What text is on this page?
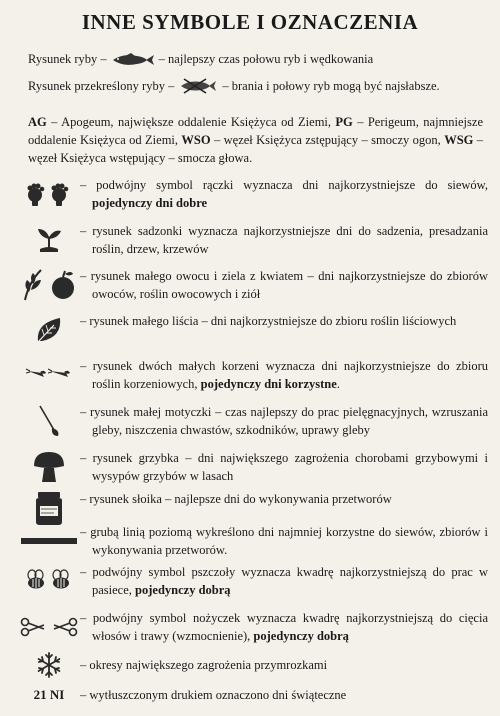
INNE SYMBOLE I OZNACZENIA
Rysunek ryby –	– najlepszy czas połowu ryb i wędkowania
Rysunek przekreślony ryby –	– brania i połowy ryb mogą być najsłabsze.
AG – Apogeum, największe oddalenie Księżyca od Ziemi, PG – Perigeum, najmniejsze oddalenie Księżyca od Ziemi, WSO – węzeł Księżyca zstępujący – smoczy ogon, WSG – węzeł Księżyca wstępujący – smocza głowa.
– podwójny symbol rączki wyznacza dni najkorzystniejsze do siewów, pojedynczy dni dobre
– rysunek sadzonki wyznacza najkorzystniejsze dni do sadzenia, presadzania roślin, drzew, krzewów
– rysunek małego owocu i ziela z kwiatem – dni najkorzystniejsze do zbiorów owoców, roślin owocowych i ziół
– rysunek małego liścia – dni najkorzystniejsze do zbioru roślin liściowych
– rysunek dwóch małych korzeni wyznacza dni najkorzystniejsze do zbioru roślin korzeniowych, pojedynczy dni korzystne.
– rysunek małej motyczki – czas najlepszy do prac pielęgnacyjnych, wzruszania gleby, niszczenia chwastów, szkodników, uprawy gleby
– rysunek grzybka – dni największego zagrożenia chorobami grzybowymi i wysypów grzybów w lasach
– rysunek słoika – najlepsze dni do wykonywania przetworów
– grubą linią poziomą wykreślono dni najmniej korzystne do siewów, zbiorów i wykonywania przetworów.
– podwójny symbol pszczoły wyznacza kwadrę najkorzystniejszą do prac w pasiece, pojedynczy dobrą
– podwójny symbol nożyczek wyznacza kwadrę najkorzystniejszą do cięcia włosów i trawy (wzmocnienie), pojedynczy dobrą
– okresy największego zagrożenia przymrozkami
21 NI – wytłuszczonym drukiem oznaczono dni świąteczne
